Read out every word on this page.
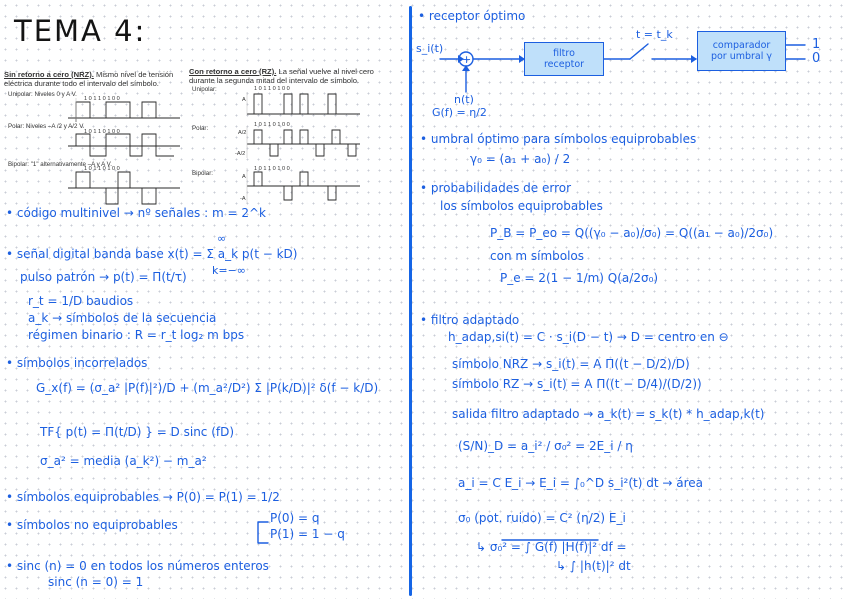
TEMA 4:

Sin retorno a cero (NRZ). Mismo nivel de tensión eléctrica durante todo el intervalo del símbolo.

Unipolar: Niveles 0 y A V.

Polar: Niveles –A /2 y A/2 V.

Bipolar: "1" alternativamente –A y A V.

Con retorno a cero (RZ). La señal vuelve al nivel cero durante la segunda mitad del intervalo de símbolo.

Unipolar:

Polar:

Bipolar:

1 0 1 1 0 1 0 0

1 0 1 1 0 1 0 0

1 0 1 1 0 1 0 0

1 0 1 1 0 1 0 0

1 0 1 1 0 1 0 0

1 0 1 1 0 1 0 0

A

A/2

-A/2

A

-A

• código multinivel → nº señales : m = 2^k

• señal digital banda base x(t) = Σ a_k p(t − kD)

∞

k=−∞

pulso patrón → p(t) = Π(t/τ)

r_t = 1/D baudios

a_k → símbolos de la secuencia

régimen binario : R = r_t log₂ m bps

• símbolos incorrelados

G_x(f) = (σ_a² |P(f)|²)/D + (m_a²/D²) Σ |P(k/D)|² δ(f − k/D)

TF{ p(t) = Π(t/D) } = D sinc (fD)

σ_a² = media (a_k²) − m_a²

• símbolos equiprobables → P(0) = P(1) = 1/2

• símbolos no equiprobables	P(0) = q

P(1) = 1 − q

• sinc (n) = 0 en todos los números enteros

sinc (n = 0) = 1

• receptor óptimo

s_i(t)

+

n(t)

G(f) = η/2

filtro receptor

t = t_k

comparador por umbral γ

1

0

• umbral óptimo para símbolos equiprobables

γ₀ = (a₁ + a₀) / 2

• probabilidades de error

los símbolos equiprobables

P_B = P_eo = Q((γ₀ − a₀)/σ₀) = Q((a₁ − a₀)/2σ₀)

con m símbolos

P_e = 2(1 − 1/m) Q(a/2σ₀)

• filtro adaptado

h_adap,si(t) = C · s_i(D − t) → D = centro en ⊖

símbolo NRZ → s_i(t) = A Π((t − D/2)/D)

símbolo RZ → s_i(t) = A Π((t − D/4)/(D/2))

salida filtro adaptado → a_k(t) = s_k(t) * h_adap,k(t)

(S/N)_D = a_i² / σ₀² = 2E_i / η

a_i = C E_i → E_i = ∫₀^D s_i²(t) dt → área

σ₀ (pot. ruido) = C² (η/2) E_i

↳ σ₀² = ∫ G(f) |H(f)|² df =

↳ ∫ |h(t)|² dt
